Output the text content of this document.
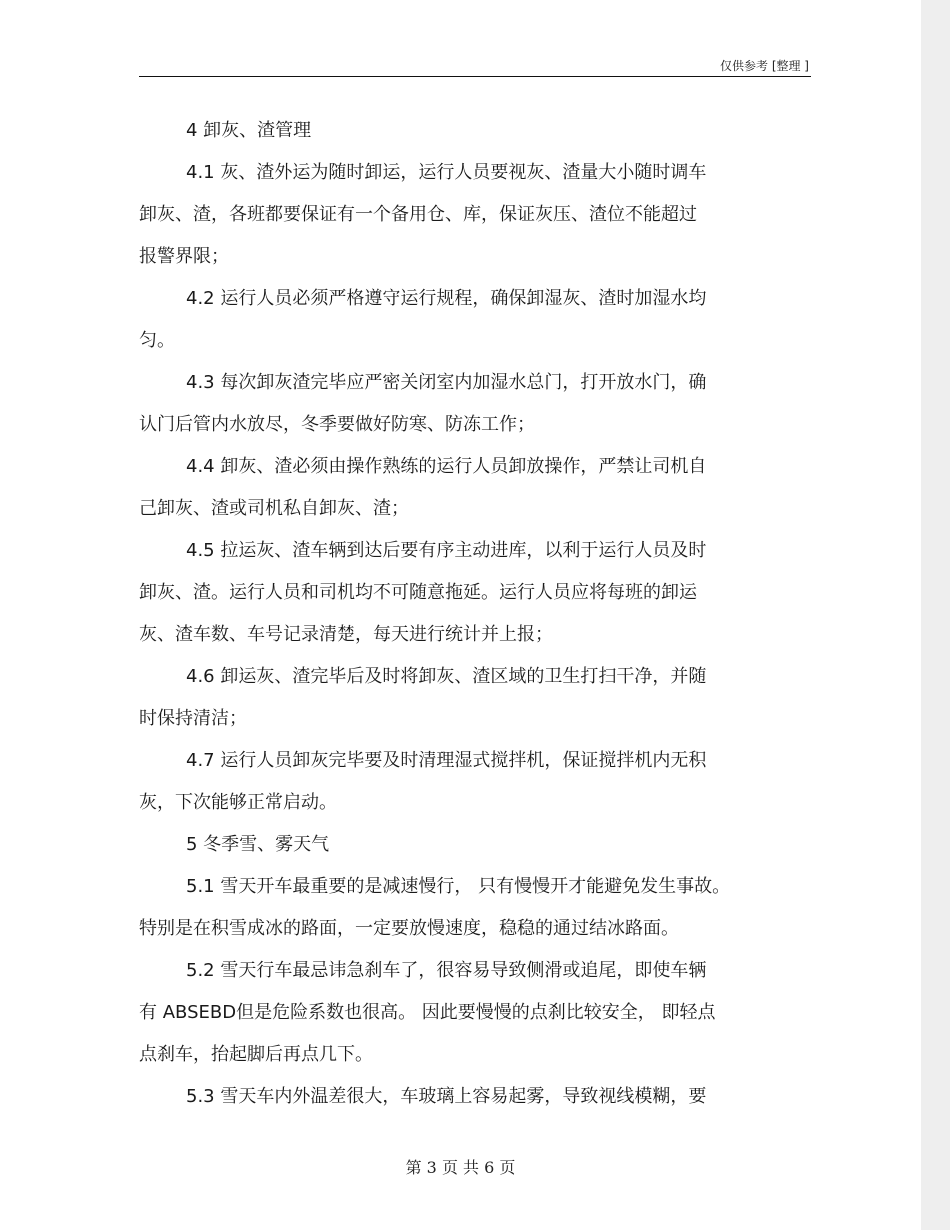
仅供参考 [整理 ]
4 卸灰、渣管理
4.1 灰、渣外运为随时卸运，运行人员要视灰、渣量大小随时调车
卸灰、渣，各班都要保证有一个备用仓、库，保证灰压、渣位不能超过
报警界限；
4.2 运行人员必须严格遵守运行规程，确保卸湿灰、渣时加湿水均
匀。
4.3 每次卸灰渣完毕应严密关闭室内加湿水总门，打开放水门，确
认门后管内水放尽，冬季要做好防寒、防冻工作；
4.4 卸灰、渣必须由操作熟练的运行人员卸放操作，严禁让司机自
己卸灰、渣或司机私自卸灰、渣；
4.5 拉运灰、渣车辆到达后要有序主动进库，以利于运行人员及时
卸灰、渣。运行人员和司机均不可随意拖延。运行人员应将每班的卸运
灰、渣车数、车号记录清楚，每天进行统计并上报；
4.6 卸运灰、渣完毕后及时将卸灰、渣区域的卫生打扫干净，并随
时保持清洁；
4.7 运行人员卸灰完毕要及时清理湿式搅拌机，保证搅拌机内无积
灰，下次能够正常启动。
5 冬季雪、雾天气
5.1 雪天开车最重要的是减速慢行， 只有慢慢开才能避免发生事故。
特别是在积雪成冰的路面，一定要放慢速度，稳稳的通过结冰路面。
5.2 雪天行车最忌讳急刹车了，很容易导致侧滑或追尾，即使车辆
有 ABSEBD但是危险系数也很高。 因此要慢慢的点刹比较安全， 即轻点
点刹车，抬起脚后再点几下。
5.3 雪天车内外温差很大，车玻璃上容易起雾，导致视线模糊，要
第 3 页 共 6 页
